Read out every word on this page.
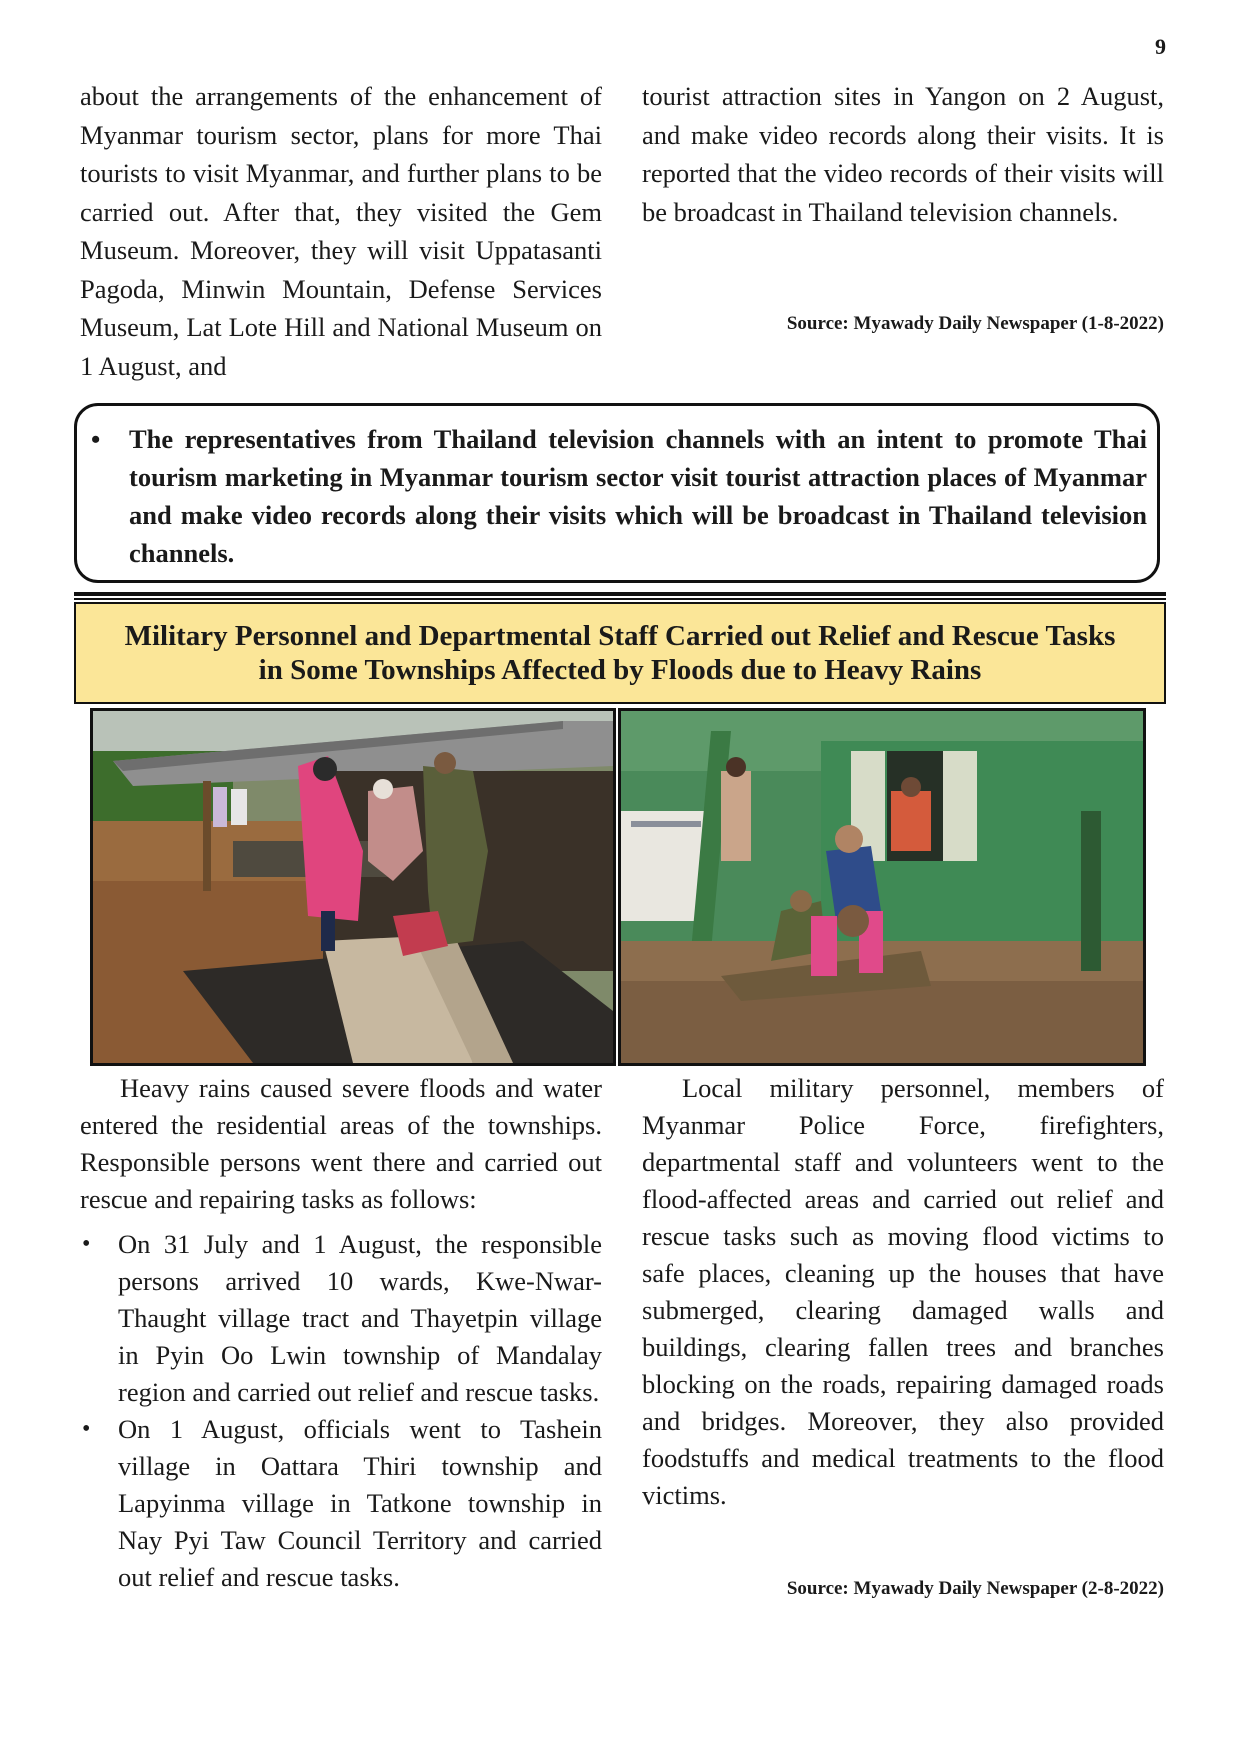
9

about the arrangements of the enhancement of Myanmar tourism sector, plans for more Thai tourists to visit Myanmar, and further plans to be carried out. After that, they visited the Gem Museum. Moreover, they will visit Uppatasanti Pagoda, Minwin Mountain, Defense Services Museum, Lat Lote Hill and National Museum on 1 August, and

tourist attraction sites in Yangon on 2 August, and make video records along their visits. It is reported that the video records of their visits will be broadcast in Thailand television channels.

Source: Myawady Daily Newspaper (1-8-2022)
• The representatives from Thailand television channels with an intent to promote Thai tourism marketing in Myanmar tourism sector visit tourist attraction places of Myanmar and make video records along their visits which will be broadcast in Thailand television channels.
Military Personnel and Departmental Staff Carried out Relief and Rescue Tasks
in Some Townships Affected by Floods due to Heavy Rains

Heavy rains caused severe floods and water entered the residential areas of the townships. Responsible persons went there and carried out rescue and repairing tasks as follows:

• On 31 July and 1 August, the responsible persons arrived 10 wards, Kwe-Nwar-Thaught village tract and Thayetpin village in Pyin Oo Lwin township of Mandalay region and carried out relief and rescue tasks.
• On 1 August, officials went to Tashein village in Oattara Thiri township and Lapyinma village in Tatkone township in Nay Pyi Taw Council Territory and carried out relief and rescue tasks.

Local military personnel, members of Myanmar Police Force, firefighters, departmental staff and volunteers went to the flood-affected areas and carried out relief and rescue tasks such as moving flood victims to safe places, cleaning up the houses that have submerged, clearing damaged walls and buildings, clearing fallen trees and branches blocking on the roads, repairing damaged roads and bridges. Moreover, they also provided foodstuffs and medical treatments to the flood victims.

Source: Myawady Daily Newspaper (2-8-2022)
